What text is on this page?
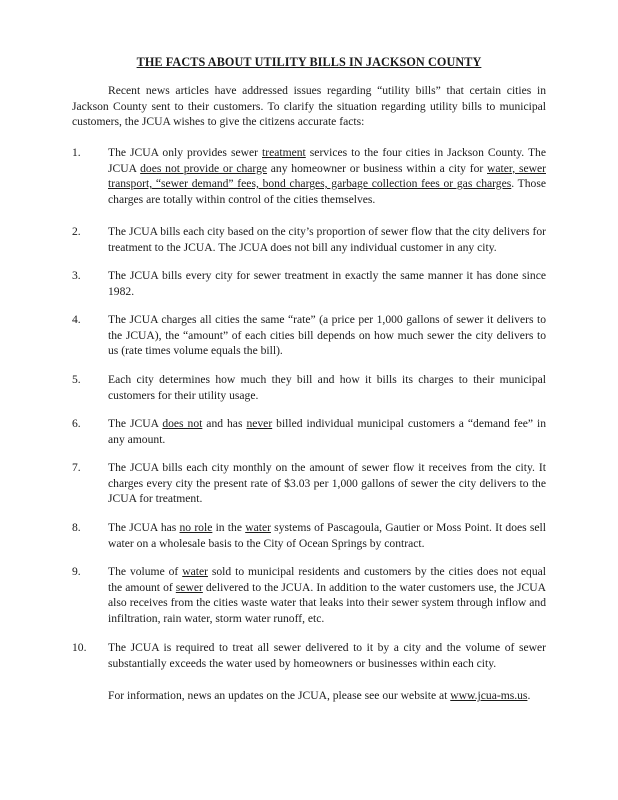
THE FACTS ABOUT UTILITY BILLS IN JACKSON COUNTY

Recent news articles have addressed issues regarding “utility bills” that certain cities in Jackson County sent to their customers. To clarify the situation regarding utility bills to municipal customers, the JCUA wishes to give the citizens accurate facts:

1. The JCUA only provides sewer treatment services to the four cities in Jackson County. The JCUA does not provide or charge any homeowner or business within a city for water, sewer transport, “sewer demand” fees, bond charges, garbage collection fees or gas charges. Those charges are totally within control of the cities themselves.
2. The JCUA bills each city based on the city’s proportion of sewer flow that the city delivers for treatment to the JCUA. The JCUA does not bill any individual customer in any city.
3. The JCUA bills every city for sewer treatment in exactly the same manner it has done since 1982.
4. The JCUA charges all cities the same “rate” (a price per 1,000 gallons of sewer it delivers to the JCUA), the “amount” of each cities bill depends on how much sewer the city delivers to us (rate times volume equals the bill).
5. Each city determines how much they bill and how it bills its charges to their municipal customers for their utility usage.
6. The JCUA does not and has never billed individual municipal customers a “demand fee” in any amount.
7. The JCUA bills each city monthly on the amount of sewer flow it receives from the city. It charges every city the present rate of $3.03 per 1,000 gallons of sewer the city delivers to the JCUA for treatment.
8. The JCUA has no role in the water systems of Pascagoula, Gautier or Moss Point. It does sell water on a wholesale basis to the City of Ocean Springs by contract.
9. The volume of water sold to municipal residents and customers by the cities does not equal the amount of sewer delivered to the JCUA. In addition to the water customers use, the JCUA also receives from the cities waste water that leaks into their sewer system through inflow and infiltration, rain water, storm water runoff, etc.
10. The JCUA is required to treat all sewer delivered to it by a city and the volume of sewer substantially exceeds the water used by homeowners or businesses within each city.
For information, news an updates on the JCUA, please see our website at www.jcua-ms.us.
